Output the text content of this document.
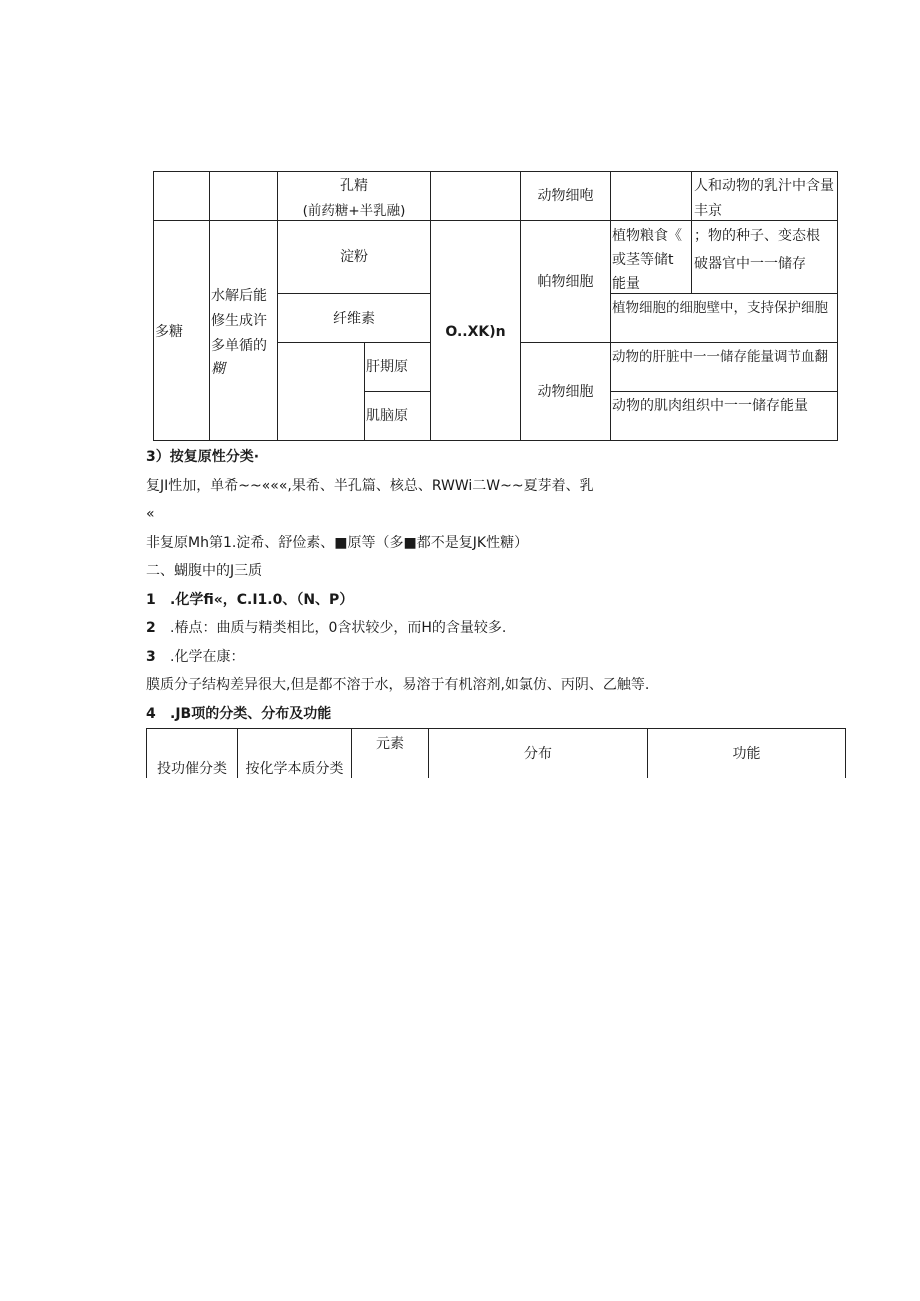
孔精
(前药糖+半乳融)
动物细咆
人和动物的乳汁中含量
丰京
多糖
水解后能
修生成许
多单循的
糊
淀粉
纤维素
肝期原
肌脑原
O..XK)n
帕物细胞
动物细胞
植物粮食《
或茎等储t
能量
；物的种子、变态根
破器官中一一储存
植物细胞的细胞壁中，支持保护细胞
动物的肝脏中一一储存能量调节血翻
动物的肌肉组织中一一储存能量
3）按复原性分类·
复JI性加，单希~~«««,果希、半孔篇、核总、RWWi二W~~夏芽着、乳
«
非复原Mh第1.淀希、舒俭素、■原等（多■都不是复JK性糖）
二、蝴腹中的J三质
1 .化学fi«，C.I1.0、（N、P）
2 .椿点：曲质与精类相比，0含状较少，而H的含量较多.
3 .化学在康：
膜质分子结构差异很大,但是都不溶于水，易溶于有机溶剂,如氯仿、丙阴、乙触等.
4 .JB项的分类、分布及功能
投功催分类	按化学本质分类
元素
分布	功能
